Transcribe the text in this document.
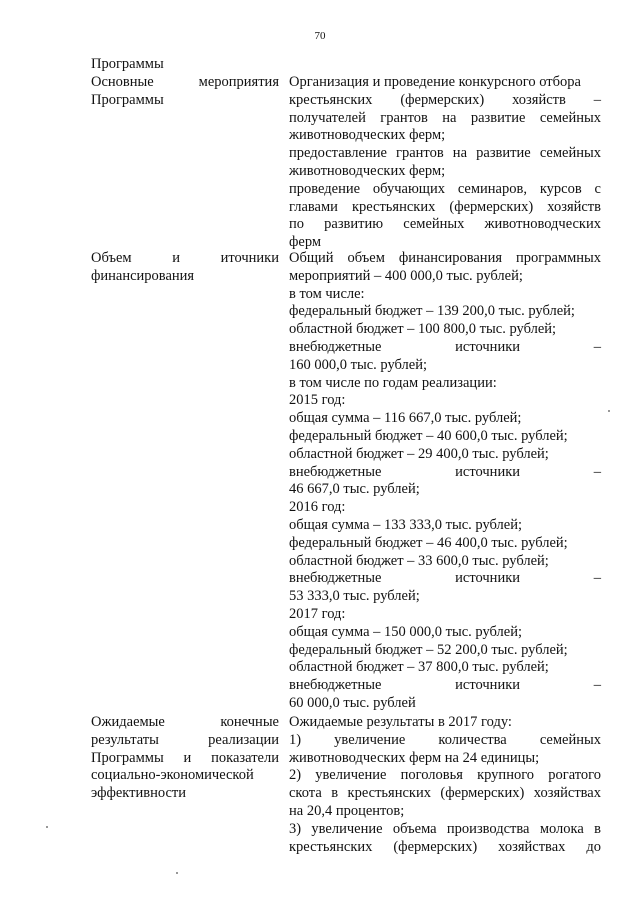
70
Программы
Основные мероприятия
Программы
Организация и проведение конкурсного отбора
крестьянских (фермерских) хозяйств –
получателей грантов на развитие семейных
животноводческих ферм;
предоставление грантов на развитие семейных
животноводческих ферм;
проведение обучающих семинаров, курсов с
главами крестьянских (фермерских) хозяйств
по развитию семейных животноводческих
ферм
Объем и иточники
финансирования
Общий объем финансирования программных
мероприятий – 400 000,0 тыс. рублей;
в том числе:
федеральный бюджет – 139 200,0 тыс. рублей;
областной бюджет – 100 800,0 тыс. рублей;
внебюджетные источники –
160 000,0 тыс. рублей;
в том числе по годам реализации:
2015 год:
общая сумма – 116 667,0 тыс. рублей;
федеральный бюджет – 40 600,0 тыс. рублей;
областной бюджет – 29 400,0 тыс. рублей;
внебюджетные источники –
46 667,0 тыс. рублей;
2016 год:
общая сумма – 133 333,0 тыс. рублей;
федеральный бюджет – 46 400,0 тыс. рублей;
областной бюджет – 33 600,0 тыс. рублей;
внебюджетные источники –
53 333,0 тыс. рублей;
2017 год:
общая сумма – 150 000,0 тыс. рублей;
федеральный бюджет – 52 200,0 тыс. рублей;
областной бюджет – 37 800,0 тыс. рублей;
внебюджетные источники –
60 000,0 тыс. рублей
Ожидаемые конечные
результаты реализации
Программы и показатели
социально-экономической
эффективности
Ожидаемые результаты в 2017 году:
1) увеличение количества семейных
животноводческих ферм на 24 единицы;
2) увеличение поголовья крупного рогатого
скота в крестьянских (фермерских) хозяйствах
на 20,4 процентов;
3) увеличение объема производства молока в
крестьянских (фермерских) хозяйствах до
